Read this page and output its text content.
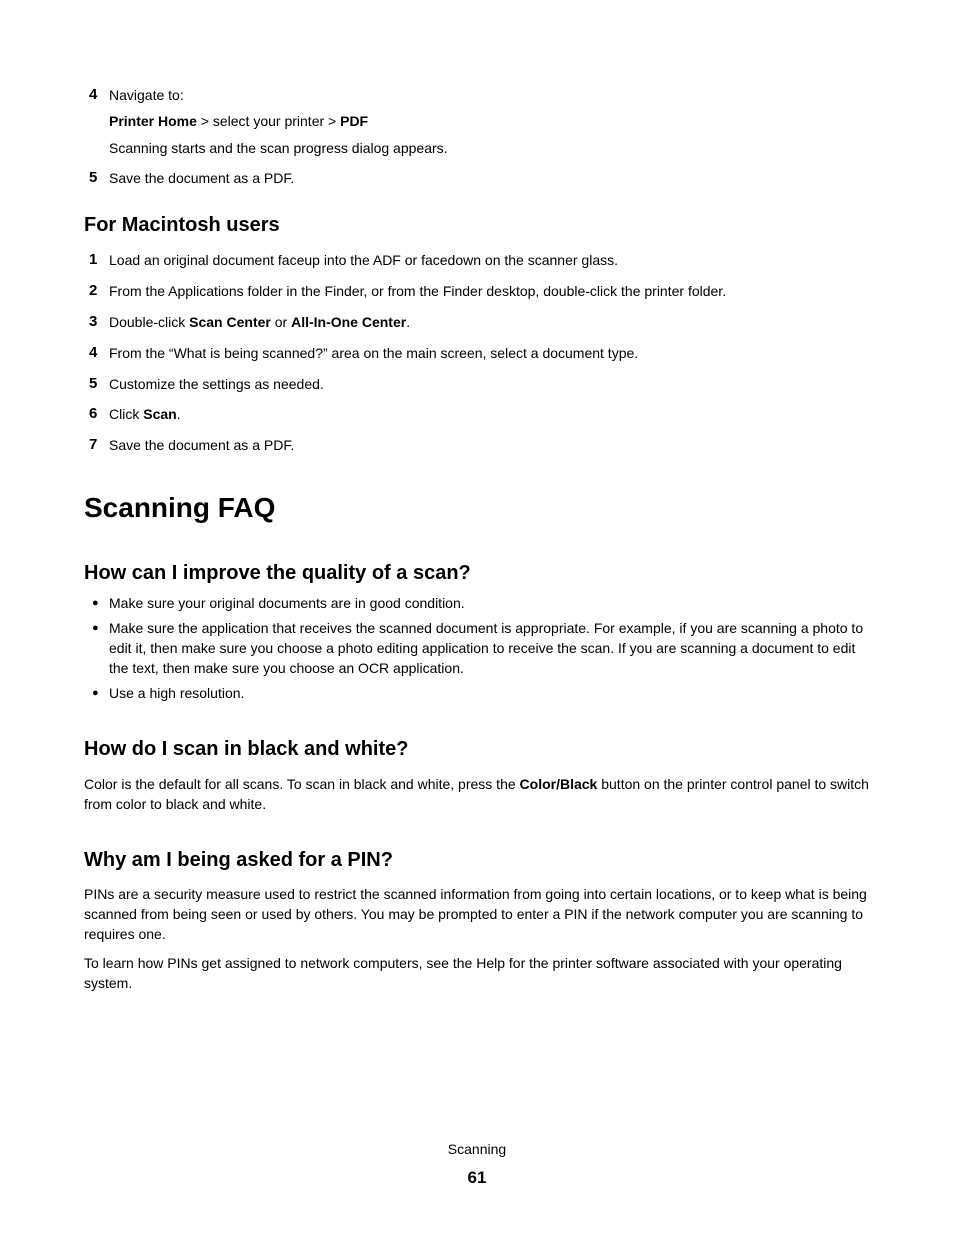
4 Navigate to:
Printer Home > select your printer > PDF
Scanning starts and the scan progress dialog appears.
5 Save the document as a PDF.
For Macintosh users
1 Load an original document faceup into the ADF or facedown on the scanner glass.
2 From the Applications folder in the Finder, or from the Finder desktop, double-click the printer folder.
3 Double-click Scan Center or All-In-One Center.
4 From the “What is being scanned?” area on the main screen, select a document type.
5 Customize the settings as needed.
6 Click Scan.
7 Save the document as a PDF.
Scanning FAQ
How can I improve the quality of a scan?
● Make sure your original documents are in good condition.
● Make sure the application that receives the scanned document is appropriate. For example, if you are scanning a photo to edit it, then make sure you choose a photo editing application to receive the scan. If you are scanning a document to edit the text, then make sure you choose an OCR application.
● Use a high resolution.
How do I scan in black and white?
Color is the default for all scans. To scan in black and white, press the Color/Black button on the printer control panel to switch from color to black and white.
Why am I being asked for a PIN?
PINs are a security measure used to restrict the scanned information from going into certain locations, or to keep what is being scanned from being seen or used by others. You may be prompted to enter a PIN if the network computer you are scanning to requires one.
To learn how PINs get assigned to network computers, see the Help for the printer software associated with your operating system.
Scanning
61
